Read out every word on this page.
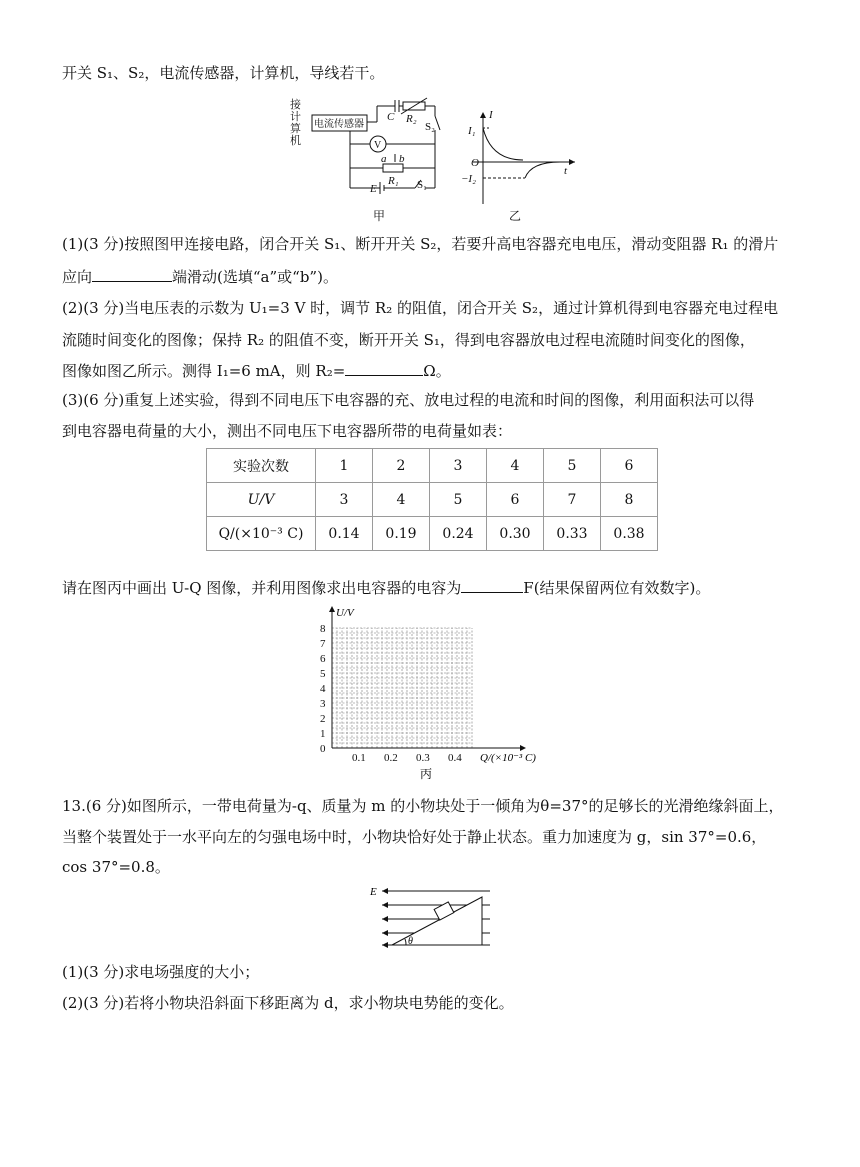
开关 S₁、S₂，电流传感器，计算机，导线若干。
接
计
算
机
电流传感器
C R₂
S₂
V
a b
R₁
E	S₁
甲
I
I₁
O
−I₂
t
乙
(1)(3 分)按照图甲连接电路，闭合开关 S₁、断开开关 S₂，若要升高电容器充电电压，滑动变阻器 R₁ 的滑片
应向	端滑动(选填“a”或“b”)。
(2)(3 分)当电压表的示数为 U₁=3 V 时，调节 R₂ 的阻值，闭合开关 S₂，通过计算机得到电容器充电过程电
流随时间变化的图像；保持 R₂ 的阻值不变，断开开关 S₁，得到电容器放电过程电流随时间变化的图像，
图像如图乙所示。测得 I₁=6 mA，则 R₂=	Ω。
(3)(6 分)重复上述实验，得到不同电压下电容器的充、放电过程的电流和时间的图像，利用面积法可以得
到电容器电荷量的大小，测出不同电压下电容器所带的电荷量如表：
实验次数	1	2	3	4	5	6
U/V	3	4	5	6	7	8
Q/(×10⁻³ C)	0.14	0.19	0.24	0.30	0.33	0.38
请在图丙中画出 U-Q 图像，并利用图像求出电容器的电容为	F(结果保留两位有效数字)。
0
1
2
3
4
5
6
7
8
0.1 0.2 0.3 0.4
U/V
Q/(×10⁻³ C)
丙
13.(6 分)如图所示，一带电荷量为-q、质量为 m 的小物块处于一倾角为θ=37°的足够长的光滑绝缘斜面上，
当整个装置处于一水平向左的匀强电场中时，小物块恰好处于静止状态。重力加速度为 g，sin 37°=0.6，
cos 37°=0.8。
E
θ
(1)(3 分)求电场强度的大小；
(2)(3 分)若将小物块沿斜面下移距离为 d，求小物块电势能的变化。
